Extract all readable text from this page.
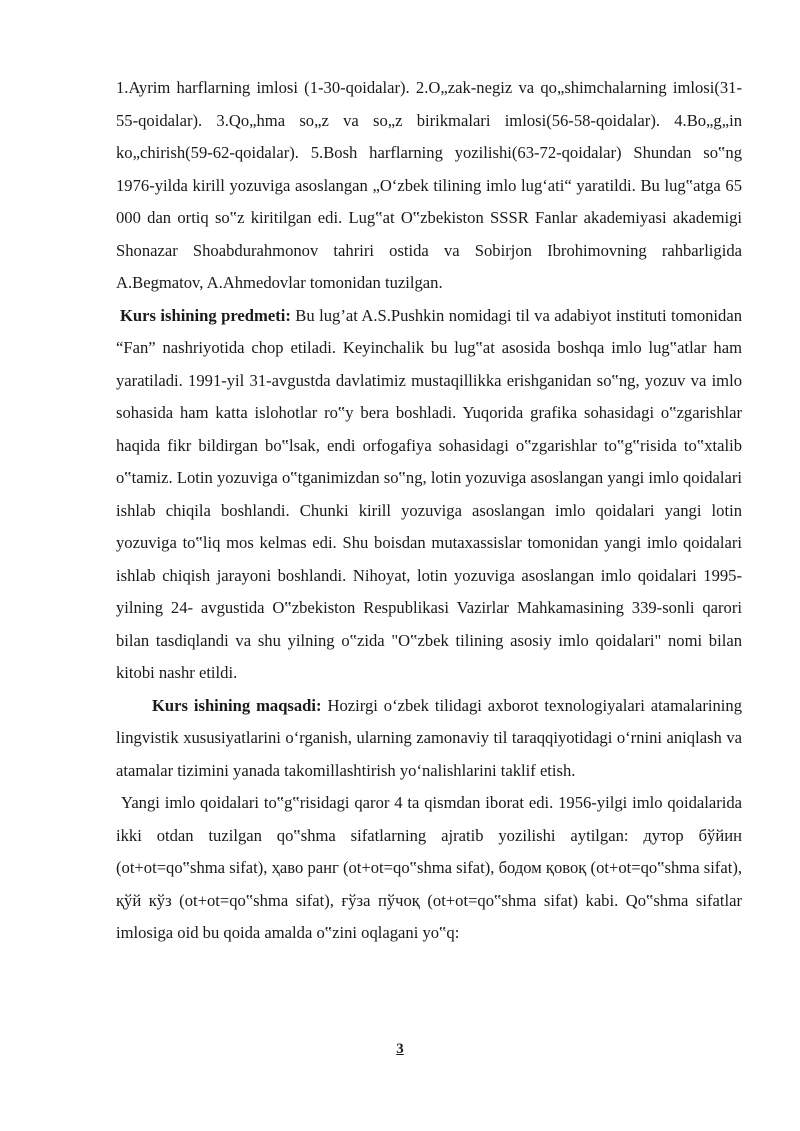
1.Ayrim harflarning imlosi (1-30-qoidalar). 2.O„zak-negiz va qo„shimchalarning imlosi(31-55-qoidalar). 3.Qo„hma so„z va so„z birikmalari imlosi(56-58-qoidalar). 4.Bo„g„in ko„chirish(59-62-qoidalar). 5.Bosh harflarning yozilishi(63-72-qoidalar) Shundan so‟ng 1976-yilda kirill yozuviga asoslangan „O‘zbek tilining imlo lug‘ati“ yaratildi. Bu lug‟atga 65 000 dan ortiq so‟z kiritilgan edi. Lug‟at O‟zbekiston SSSR Fanlar akademiyasi akademigi Shonazar Shoabdurahmonov tahriri ostida va Sobirjon Ibrohimovning rahbarligida A.Begmatov, A.Ahmedovlar tomonidan tuzilgan.

Kurs ishining predmeti: Bu lug’at A.S.Pushkin nomidagi til va adabiyot instituti tomonidan “Fan” nashriyotida chop etiladi. Keyinchalik bu lug‟at asosida boshqa imlo lug‟atlar ham yaratiladi. 1991-yil 31-avgustda davlatimiz mustaqillikka erishganidan so‟ng, yozuv va imlo sohasida ham katta islohotlar ro‟y bera boshladi. Yuqorida grafika sohasidagi o‟zgarishlar haqida fikr bildirgan bo‟lsak, endi orfogafiya sohasidagi o‟zgarishlar to‟g‟risida to‟xtalib o‟tamiz. Lotin yozuviga o‟tganimizdan so‟ng, lotin yozuviga asoslangan yangi imlo qoidalari ishlab chiqila boshlandi. Chunki kirill yozuviga asoslangan imlo qoidalari yangi lotin yozuviga to‟liq mos kelmas edi. Shu boisdan mutaxassislar tomonidan yangi imlo qoidalari ishlab chiqish jarayoni boshlandi. Nihoyat, lotin yozuviga asoslangan imlo qoidalari 1995-yilning 24- avgustida O‟zbekiston Respublikasi Vazirlar Mahkamasining 339-sonli qarori bilan tasdiqlandi va shu yilning o‟zida "O‟zbek tilining asosiy imlo qoidalari" nomi bilan kitobi nashr etildi.

Kurs ishining maqsadi: Hozirgi o‘zbek tilidagi axborot texnologiyalari atamalarining lingvistik xususiyatlarini o‘rganish, ularning zamonaviy til taraqqiyotidagi o‘rnini aniqlash va atamalar tizimini yanada takomillashtirish yo‘nalishlarini taklif etish.

Yangi imlo qoidalari to‟g‟risidagi qaror 4 ta qismdan iborat edi. 1956-yilgi imlo qoidalarida ikki otdan tuzilgan qo‟shma sifatlarning ajratib yozilishi aytilgan: дутор бўйин (ot+ot=qo‟shma sifat), ҳаво ранг (ot+ot=qo‟shma sifat), бодом қовоқ (ot+ot=qo‟shma sifat), қўй кўз (ot+ot=qo‟shma sifat), ғўза пўчоқ (ot+ot=qo‟shma sifat) kabi. Qo‟shma sifatlar imlosiga oid bu qoida amalda o‟zini oqlagani yo‟q:

3
